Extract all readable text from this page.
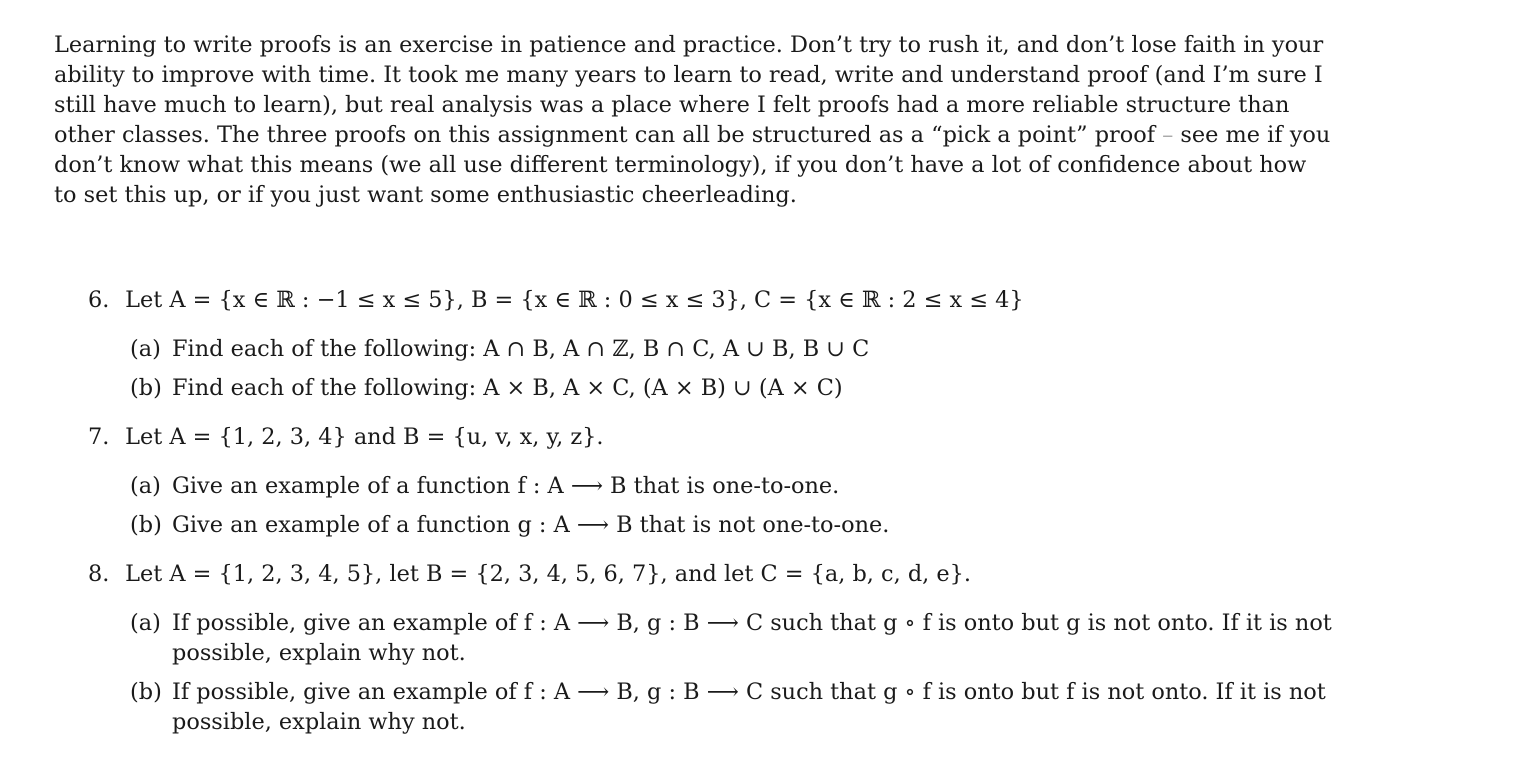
Learning to write proofs is an exercise in patience and practice. Don’t try to rush it, and don’t lose faith in your ability to improve with time. It took me many years to learn to read, write and understand proof (and I’m sure I still have much to learn), but real analysis was a place where I felt proofs had a more reliable structure than other classes. The three proofs on this assignment can all be structured as a “pick a point” proof – see me if you don’t know what this means (we all use different terminology), if you don’t have a lot of confidence about how to set this up, or if you just want some enthusiastic cheerleading.

6. Let A = {x ∈ ℝ : −1 ≤ x ≤ 5}, B = {x ∈ ℝ : 0 ≤ x ≤ 3}, C = {x ∈ ℝ : 2 ≤ x ≤ 4}
(a) Find each of the following: A ∩ B, A ∩ ℤ, B ∩ C, A ∪ B, B ∪ C
(b) Find each of the following: A × B, A × C, (A × B) ∪ (A × C)
7. Let A = {1, 2, 3, 4} and B = {u, v, x, y, z}.
(a) Give an example of a function f : A ⟶ B that is one-to-one.
(b) Give an example of a function g : A ⟶ B that is not one-to-one.
8. Let A = {1, 2, 3, 4, 5}, let B = {2, 3, 4, 5, 6, 7}, and let C = {a, b, c, d, e}.
(a) If possible, give an example of f : A ⟶ B, g : B ⟶ C such that g ∘ f is onto but g is not onto. If it is not possible, explain why not.
(b) If possible, give an example of f : A ⟶ B, g : B ⟶ C such that g ∘ f is onto but f is not onto. If it is not possible, explain why not.
